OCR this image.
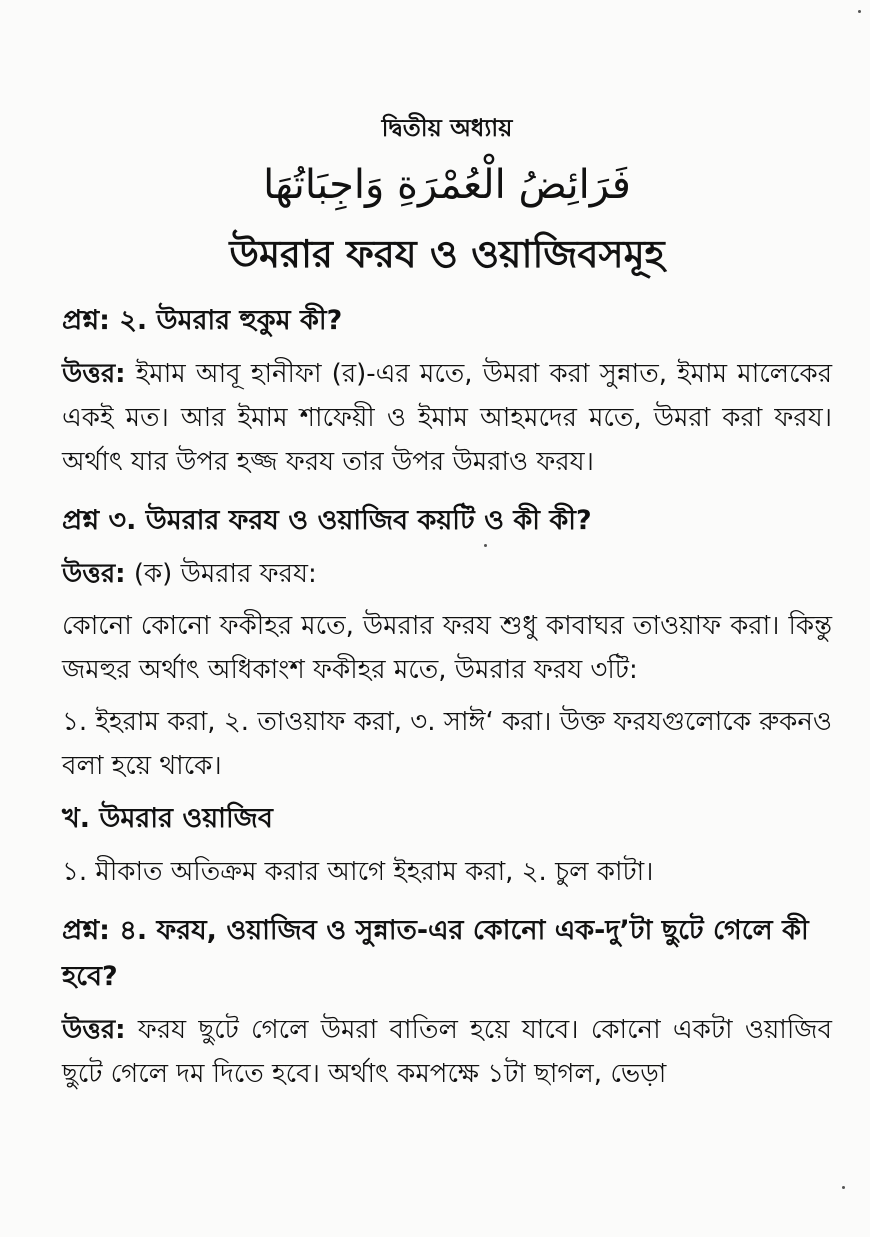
দ্বিতীয় অধ্যায়
فَرَائِضُ الْعُمْرَةِ وَاجِبَاتُهَا
উমরার ফরয ও ওয়াজিবসমূহ

প্রশ্ন: ২. উমরার হুকুম কী?

উত্তর: ইমাম আবূ হানীফা (র)-এর মতে, উমরা করা সুন্নাত, ইমাম মালেকের একই মত। আর ইমাম শাফেয়ী ও ইমাম আহমদের মতে, উমরা করা ফরয। অর্থাৎ যার উপর হজ্জ ফরয তার উপর উমরাও ফরয।

প্রশ্ন ৩. উমরার ফরয ও ওয়াজিব কয়টি ও কী কী?

উত্তর: (ক) উমরার ফরয:

কোনো কোনো ফকীহর মতে, উমরার ফরয শুধু কাবাঘর তাওয়াফ করা। কিন্তু জমহুর অর্থাৎ অধিকাংশ ফকীহর মতে, উমরার ফরয ৩টি:

১. ইহরাম করা, ২. তাওয়াফ করা, ৩. সাঈ‘ করা। উক্ত ফরযগুলোকে রুকনও বলা হয়ে থাকে।

খ. উমরার ওয়াজিব

১. মীকাত অতিক্রম করার আগে ইহরাম করা, ২. চুল কাটা।

প্রশ্ন: ৪. ফরয, ওয়াজিব ও সুন্নাত-এর কোনো এক-দু’টা ছুটে গেলে কী হবে?

উত্তর: ফরয ছুটে গেলে উমরা বাতিল হয়ে যাবে। কোনো একটা ওয়াজিব ছুটে গেলে দম দিতে হবে। অর্থাৎ কমপক্ষে ১টা ছাগল, ভেড়া
